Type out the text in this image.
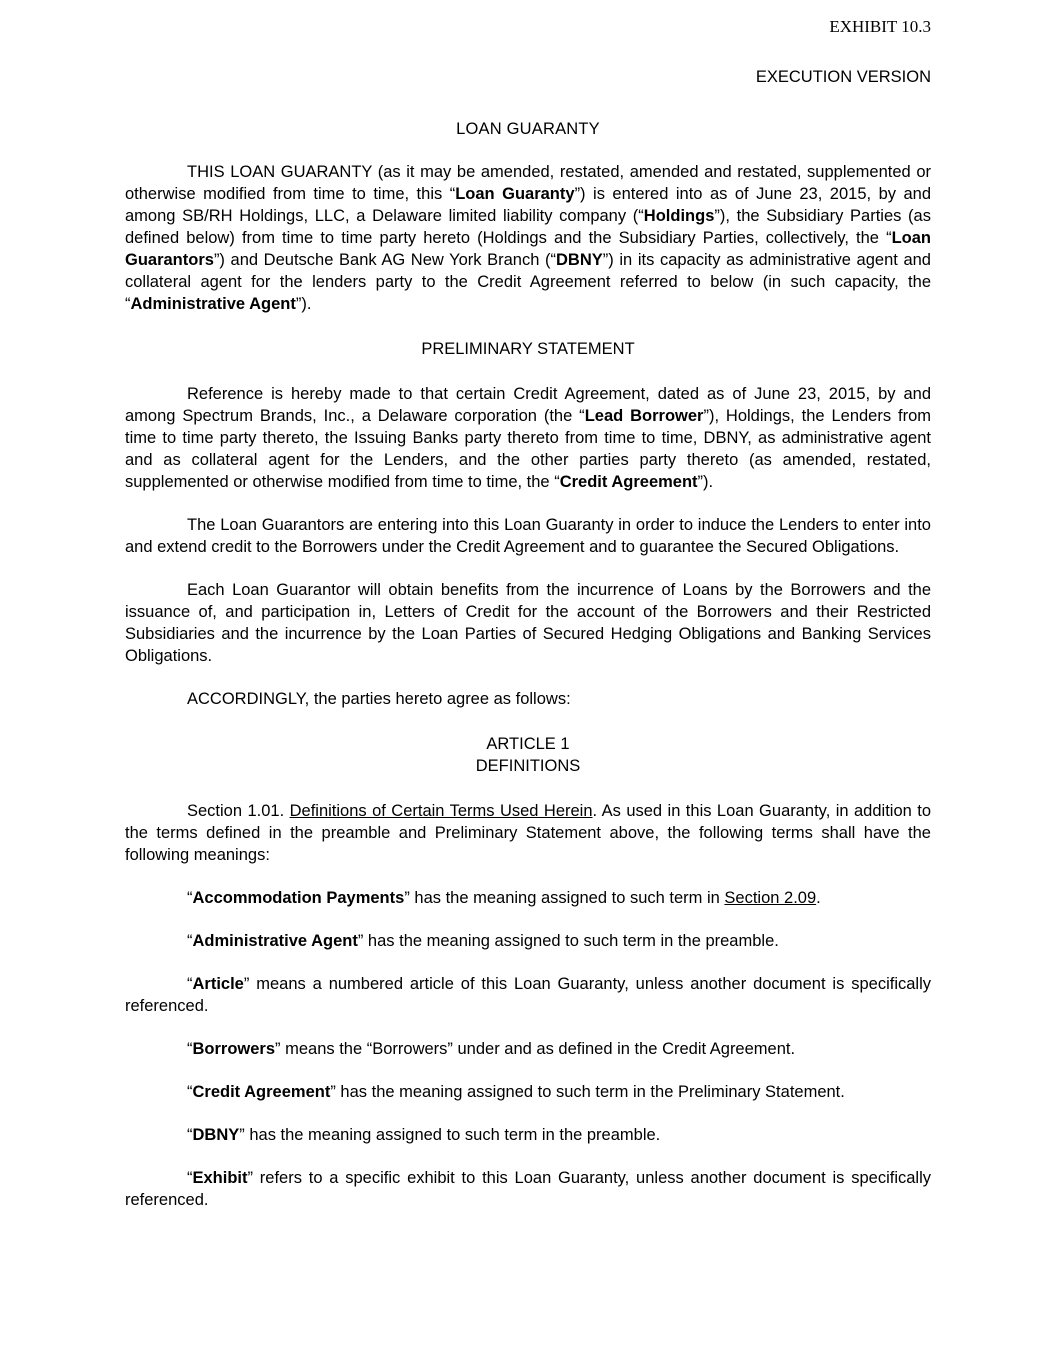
EXHIBIT 10.3
EXECUTION VERSION
LOAN GUARANTY

THIS LOAN GUARANTY (as it may be amended, restated, amended and restated, supplemented or otherwise modified from time to time, this “Loan Guaranty”) is entered into as of June 23, 2015, by and among SB/RH Holdings, LLC, a Delaware limited liability company (“Holdings”), the Subsidiary Parties (as defined below) from time to time party hereto (Holdings and the Subsidiary Parties, collectively, the “Loan Guarantors”) and Deutsche Bank AG New York Branch (“DBNY”) in its capacity as administrative agent and collateral agent for the lenders party to the Credit Agreement referred to below (in such capacity, the “Administrative Agent”).

PRELIMINARY STATEMENT

Reference is hereby made to that certain Credit Agreement, dated as of June 23, 2015, by and among Spectrum Brands, Inc., a Delaware corporation (the “Lead Borrower”), Holdings, the Lenders from time to time party thereto, the Issuing Banks party thereto from time to time, DBNY, as administrative agent and as collateral agent for the Lenders, and the other parties party thereto (as amended, restated, supplemented or otherwise modified from time to time, the “Credit Agreement”).

The Loan Guarantors are entering into this Loan Guaranty in order to induce the Lenders to enter into and extend credit to the Borrowers under the Credit Agreement and to guarantee the Secured Obligations.

Each Loan Guarantor will obtain benefits from the incurrence of Loans by the Borrowers and the issuance of, and participation in, Letters of Credit for the account of the Borrowers and their Restricted Subsidiaries and the incurrence by the Loan Parties of Secured Hedging Obligations and Banking Services Obligations.

ACCORDINGLY, the parties hereto agree as follows:

ARTICLE 1
DEFINITIONS

Section 1.01. Definitions of Certain Terms Used Herein. As used in this Loan Guaranty, in addition to the terms defined in the preamble and Preliminary Statement above, the following terms shall have the following meanings:

“Accommodation Payments” has the meaning assigned to such term in Section 2.09.

“Administrative Agent” has the meaning assigned to such term in the preamble.

“Article” means a numbered article of this Loan Guaranty, unless another document is specifically referenced.

“Borrowers” means the “Borrowers” under and as defined in the Credit Agreement.

“Credit Agreement” has the meaning assigned to such term in the Preliminary Statement.

“DBNY” has the meaning assigned to such term in the preamble.

“Exhibit” refers to a specific exhibit to this Loan Guaranty, unless another document is specifically referenced.
